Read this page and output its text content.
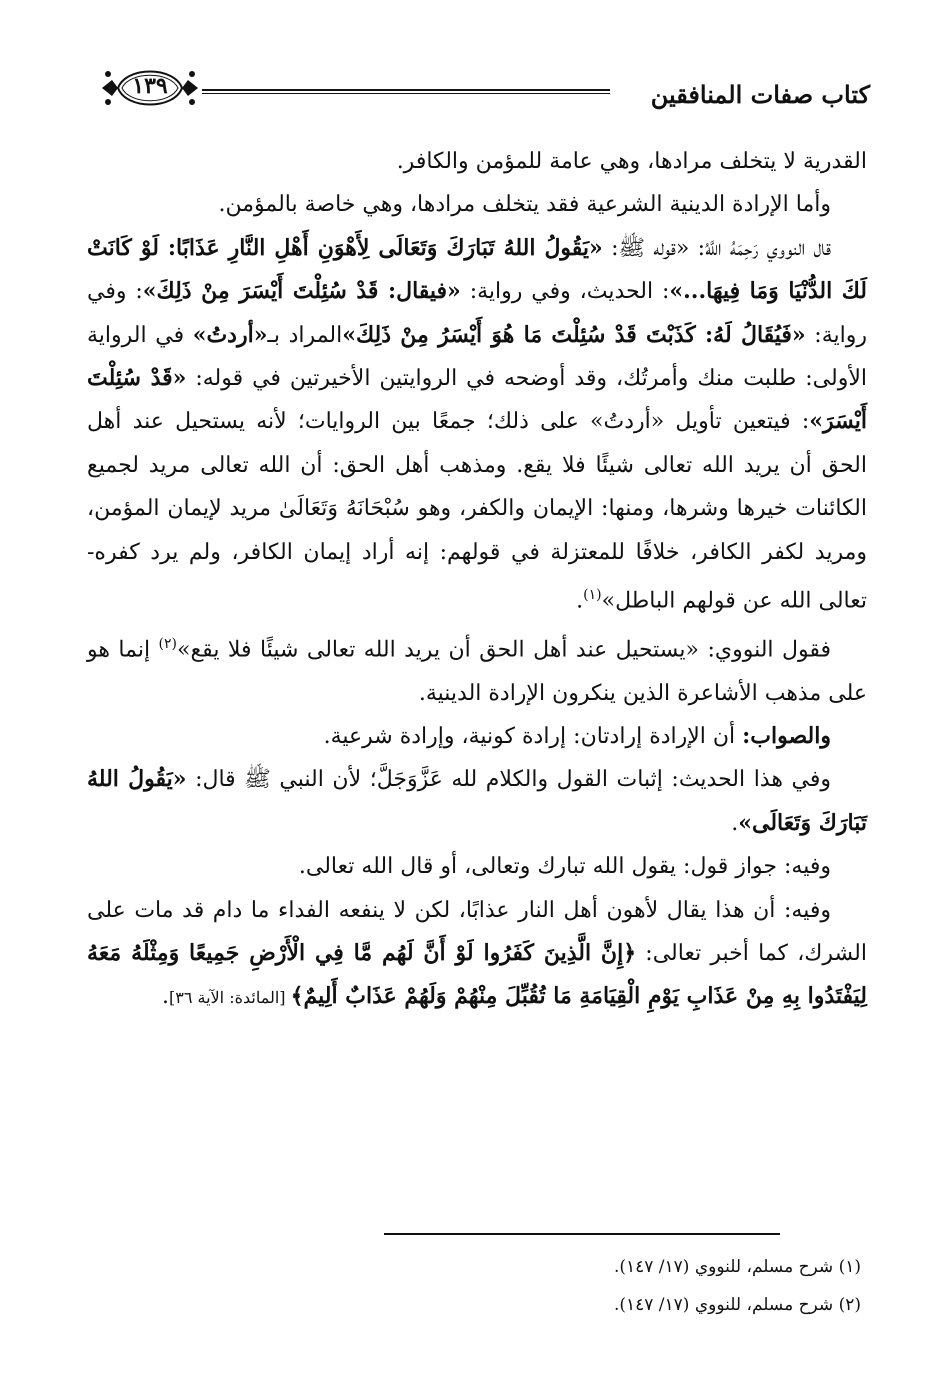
كتاب صفات المنافقين
١٣٩

القدرية لا يتخلف مرادها، وهي عامة للمؤمن والكافر.

وأما الإرادة الدينية الشرعية فقد يتخلف مرادها، وهي خاصة بالمؤمن.

قال النووي رَحِمَهُ اللَّهُ: «قوله ﷺ: «يَقُولُ اللهُ تَبَارَكَ وَتَعَالَى لِأَهْوَنِ أَهْلِ النَّارِ عَذَابًا: لَوْ كَانَتْ لَكَ الدُّنْيَا وَمَا فِيهَا...»: الحديث، وفي رواية: «فيقال: قَدْ سُئِلْتَ أَيْسَرَ مِنْ ذَلِكَ»: وفي رواية: «فَيُقَالُ لَهُ: كَذَبْتَ قَدْ سُئِلْتَ مَا هُوَ أَيْسَرُ مِنْ ذَلِكَ»المراد بـ«أردتُ» في الرواية الأولى: طلبت منك وأمرتُك، وقد أوضحه في الروايتين الأخيرتين في قوله: «قَدْ سُئِلْتَ أَيْسَرَ»: فيتعين تأويل «أردتُ» على ذلك؛ جمعًا بين الروايات؛ لأنه يستحيل عند أهل الحق أن يريد الله تعالى شيئًا فلا يقع. ومذهب أهل الحق: أن الله تعالى مريد لجميع الكائنات خيرها وشرها، ومنها: الإيمان والكفر، وهو سُبْحَانَهُ وَتَعَالَىٰ مريد لإيمان المؤمن، ومريد لكفر الكافر، خلافًا للمعتزلة في قولهم: إنه أراد إيمان الكافر، ولم يرد كفره- تعالى الله عن قولهم الباطل»$^{(١)}$.

فقول النووي: «يستحيل عند أهل الحق أن يريد الله تعالى شيئًا فلا يقع»$^{(٢)}$ إنما هو على مذهب الأشاعرة الذين ينكرون الإرادة الدينية.

والصواب: أن الإرادة إرادتان: إرادة كونية، وإرادة شرعية.

وفي هذا الحديث: إثبات القول والكلام لله عَزَّوَجَلَّ؛ لأن النبي ﷺ قال: «يَقُولُ اللهُ تَبَارَكَ وَتَعَالَى».

وفيه: جواز قول: يقول الله تبارك وتعالى، أو قال الله تعالى.

وفيه: أن هذا يقال لأهون أهل النار عذابًا، لكن لا ينفعه الفداء ما دام قد مات على الشرك، كما أخبر تعالى: ﴿إِنَّ الَّذِينَ كَفَرُوا لَوْ أَنَّ لَهُم مَّا فِي الْأَرْضِ جَمِيعًا وَمِثْلَهُ مَعَهُ لِيَفْتَدُوا بِهِ مِنْ عَذَابِ يَوْمِ الْقِيَامَةِ مَا تُقُبِّلَ مِنْهُمْ وَلَهُمْ عَذَابٌ أَلِيمٌ﴾ [المائدة: الآية ٣٦].

(١) شرح مسلم، للنووي (١٧/ ١٤٧).

(٢) شرح مسلم، للنووي (١٧/ ١٤٧).
